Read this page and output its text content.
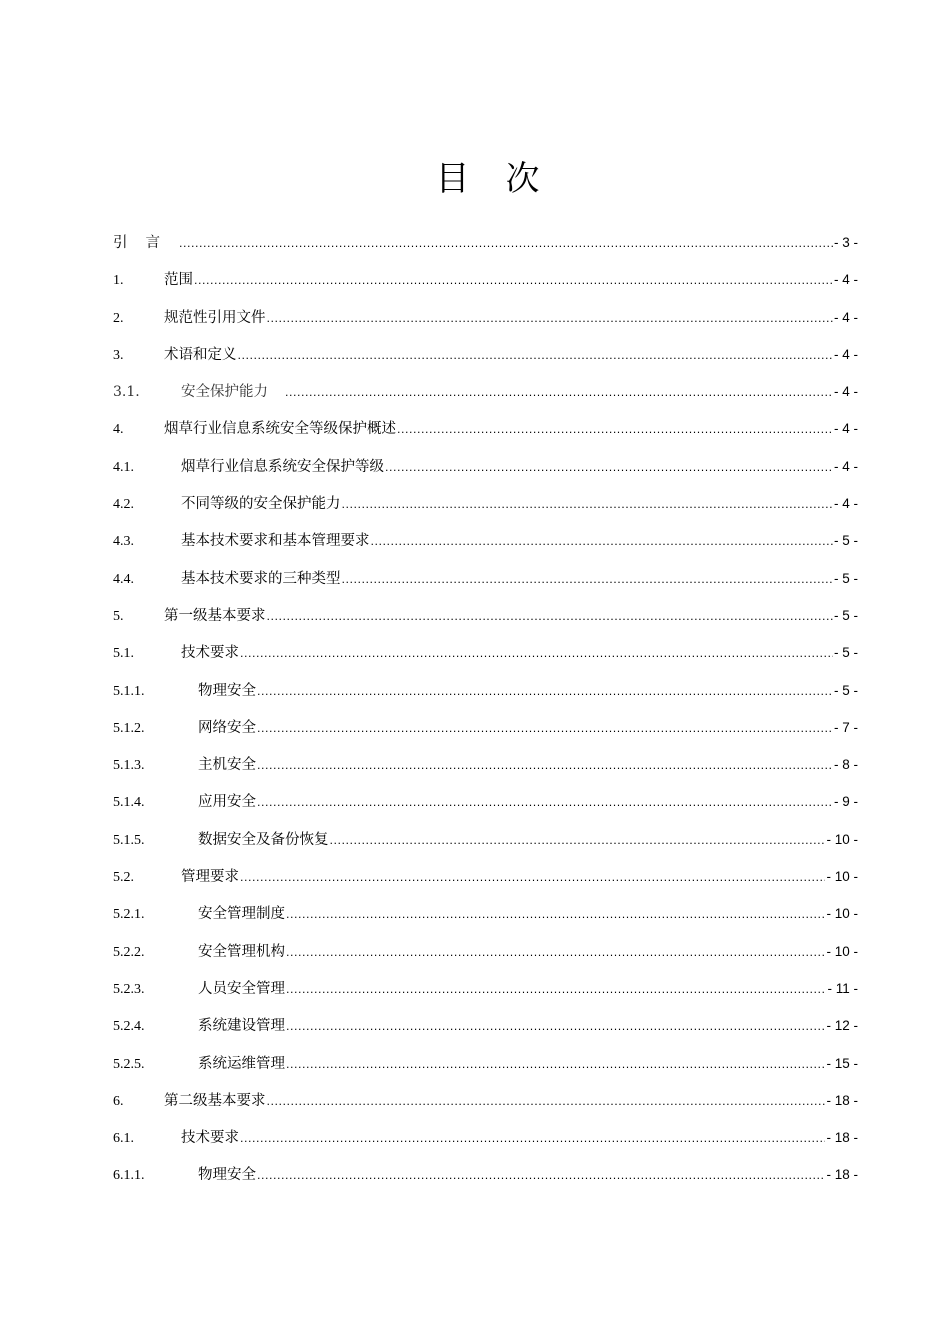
目 次
引言 .....	- 3 -
1.	范围 .....	- 4 -
2.	规范性引用文件 .....	- 4 -
3.	术语和定义 .....	- 4 -
3.1.	安全保护能力 .....	- 4 -
4.	烟草行业信息系统安全等级保护概述 .....	- 4 -
4.1.	烟草行业信息系统安全保护等级 .....	- 4 -
4.2.	不同等级的安全保护能力 .....	- 4 -
4.3.	基本技术要求和基本管理要求 .....	- 5 -
4.4.	基本技术要求的三种类型 .....	- 5 -
5.	第一级基本要求 .....	- 5 -
5.1.	技术要求 .....	- 5 -
5.1.1.	物理安全 .....	- 5 -
5.1.2.	网络安全 .....	- 7 -
5.1.3.	主机安全 .....	- 8 -
5.1.4.	应用安全 .....	- 9 -
5.1.5.	数据安全及备份恢复 .....	- 10 -
5.2.	管理要求 .....	- 10 -
5.2.1.	安全管理制度 .....	- 10 -
5.2.2.	安全管理机构 .....	- 10 -
5.2.3.	人员安全管理 .....	- 11 -
5.2.4.	系统建设管理 .....	- 12 -
5.2.5.	系统运维管理 .....	- 15 -
6.	第二级基本要求 .....	- 18 -
6.1.	技术要求 .....	- 18 -
6.1.1.	物理安全 .....	- 18 -
